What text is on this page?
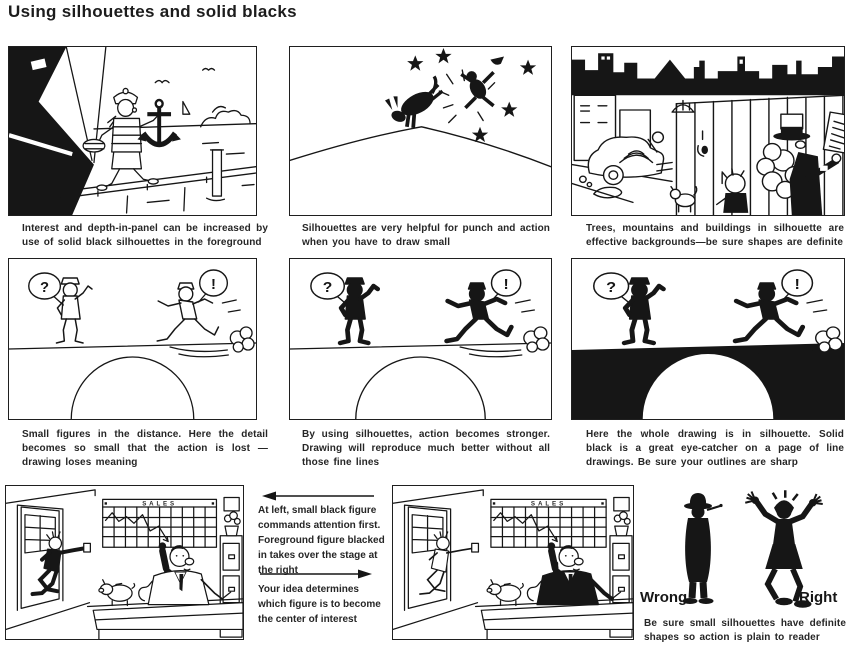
Using silhouettes and solid blacks
Interest and depth-in-panel can be increased by use of solid black silhouettes in the foreground
Silhouettes are very helpful for punch and action when you have to draw small
Trees, mountains and buildings in silhouette are effective backgrounds—be sure shapes are definite
Small figures in the distance. Here the detail becomes so small that the action is lost — drawing loses meaning
By using silhouettes, action becomes stronger. Drawing will reproduce much better without all those fine lines
Here the whole drawing is in silhouette. Solid black is a great eye-catcher on a page of line drawings. Be sure your outlines are sharp
At left, small black figure commands attention first. Foreground figure blacked in takes over the stage at the right
Your idea determines which figure is to become the center of interest
Wrong	Right
Be sure small silhouettes have definite shapes so action is plain to reader
